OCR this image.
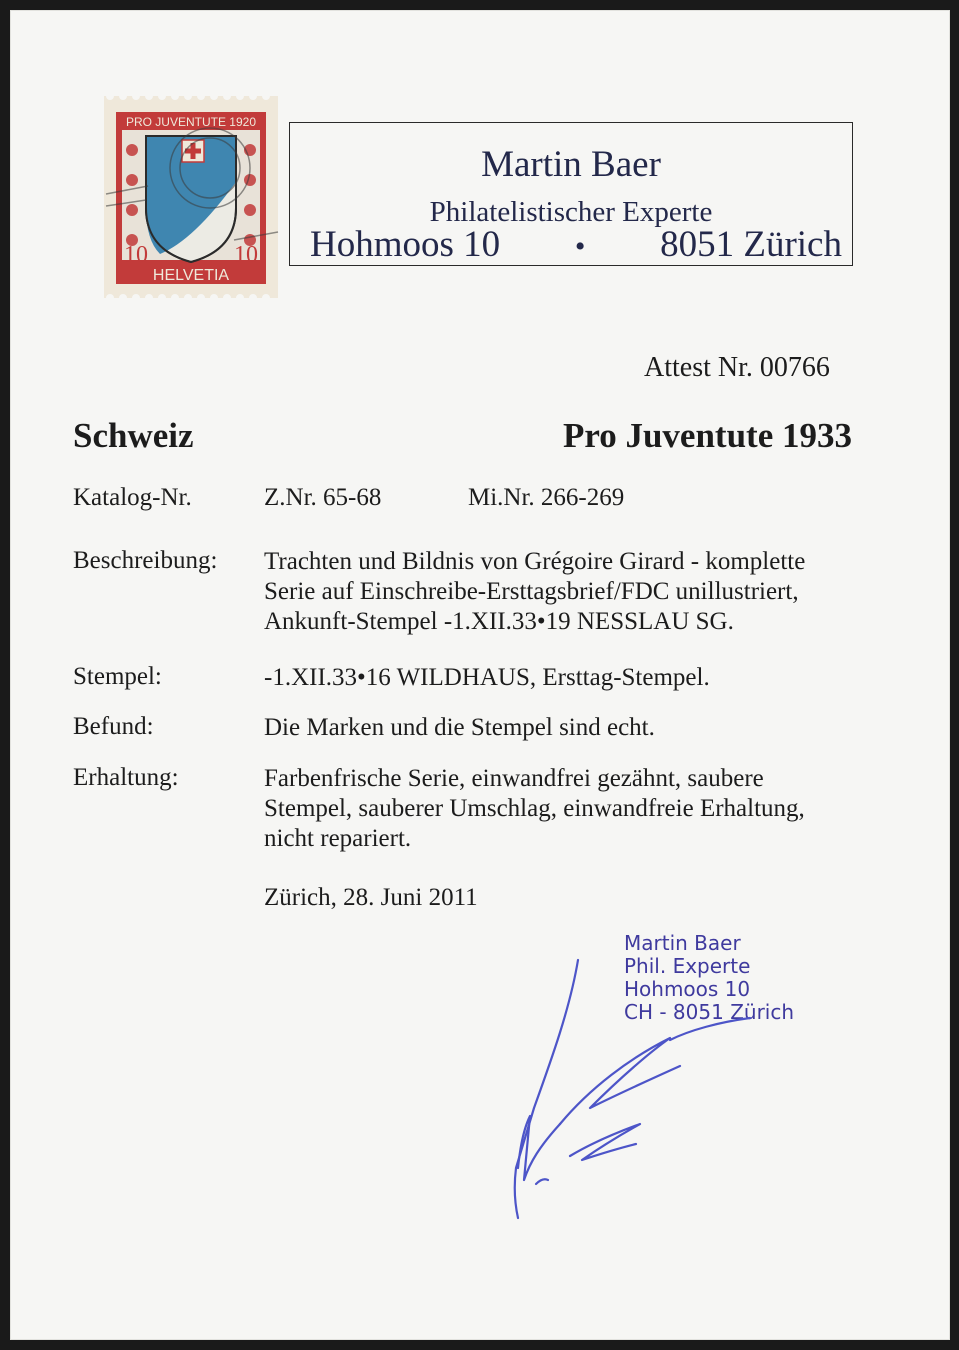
PRO JUVENTUTE 1920
HELVETIA
10	10
Martin Baer
Philatelistischer Experte
Hohmoos 10 • 8051 Zürich
Attest Nr. 00766
Schweiz	Pro Juventute 1933
Katalog-Nr.	Z.Nr. 65-68	Mi.Nr. 266-269
Beschreibung: Trachten und Bildnis von Grégoire Girard - komplette
Serie auf Einschreibe-Ersttagsbrief/FDC unillustriert,
Ankunft-Stempel -1.XII.33•19 NESSLAU SG.
Stempel:	-1.XII.33•16 WILDHAUS, Ersttag-Stempel.
Befund:	Die Marken und die Stempel sind echt.
Erhaltung:	Farbenfrische Serie, einwandfrei gezähnt, saubere
Stempel, sauberer Umschlag, einwandfreie Erhaltung,
nicht repariert.
Zürich, 28. Juni 2011
Martin Baer
Phil. Experte
Hohmoos 10
CH - 8051 Zürich
